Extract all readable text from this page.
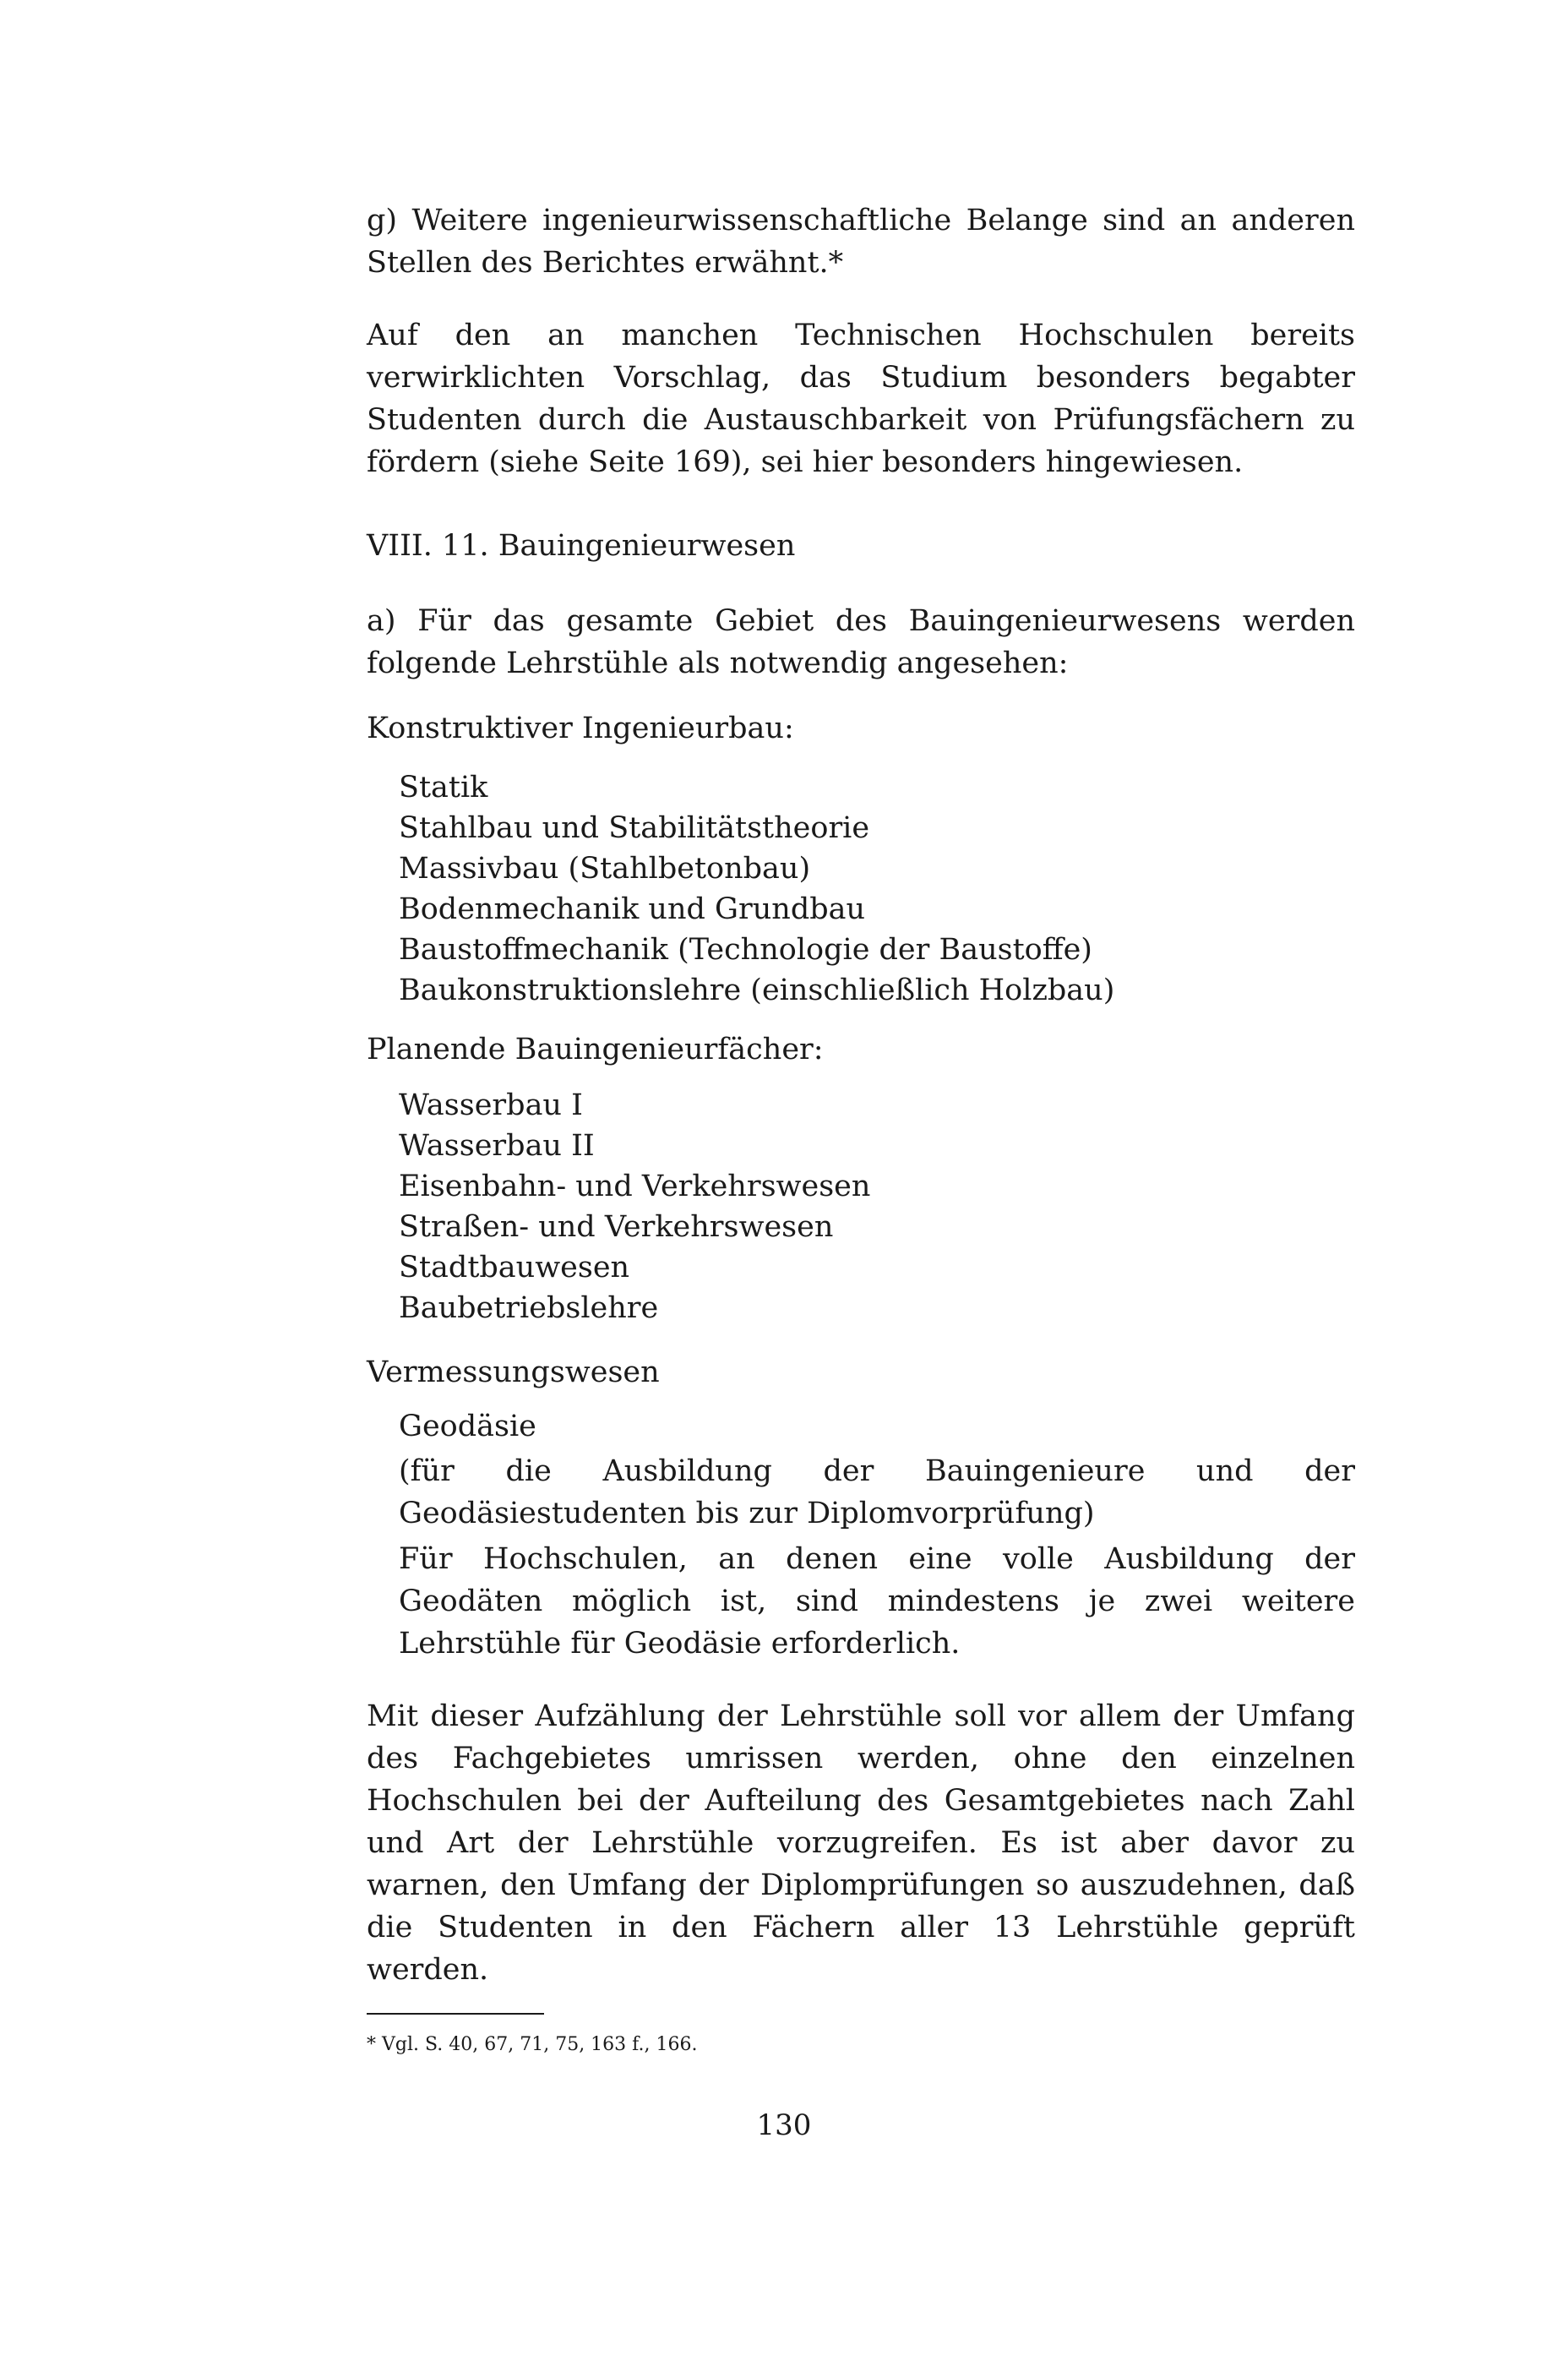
g) Weitere ingenieurwissenschaftliche Belange sind an anderen Stellen des Berichtes erwähnt.*
Auf den an manchen Technischen Hochschulen bereits verwirklichten Vorschlag, das Studium besonders begabter Studenten durch die Austauschbarkeit von Prüfungsfächern zu fördern (siehe Seite 169), sei hier besonders hingewiesen.
VIII. 11. Bauingenieurwesen
a) Für das gesamte Gebiet des Bauingenieurwesens werden folgende Lehrstühle als notwendig angesehen:
Konstruktiver Ingenieurbau:
Statik
Stahlbau und Stabilitätstheorie
Massivbau (Stahlbetonbau)
Bodenmechanik und Grundbau
Baustoffmechanik (Technologie der Baustoffe)
Baukonstruktionslehre (einschließlich Holzbau)
Planende Bauingenieurfächer:
Wasserbau I
Wasserbau II
Eisenbahn- und Verkehrswesen
Straßen- und Verkehrswesen
Stadtbauwesen
Baubetriebslehre
Vermessungswesen
Geodäsie
(für die Ausbildung der Bauingenieure und der Geodäsiestudenten bis zur Diplomvorprüfung)
Für Hochschulen, an denen eine volle Ausbildung der Geodäten möglich ist, sind mindestens je zwei weitere Lehrstühle für Geodäsie erforderlich.
Mit dieser Aufzählung der Lehrstühle soll vor allem der Umfang des Fachgebietes umrissen werden, ohne den einzelnen Hochschulen bei der Aufteilung des Gesamtgebietes nach Zahl und Art der Lehrstühle vorzugreifen. Es ist aber davor zu warnen, den Umfang der Diplomprüfungen so auszudehnen, daß die Studenten in den Fächern aller 13 Lehrstühle geprüft werden.
* Vgl. S. 40, 67, 71, 75, 163 f., 166.
130
